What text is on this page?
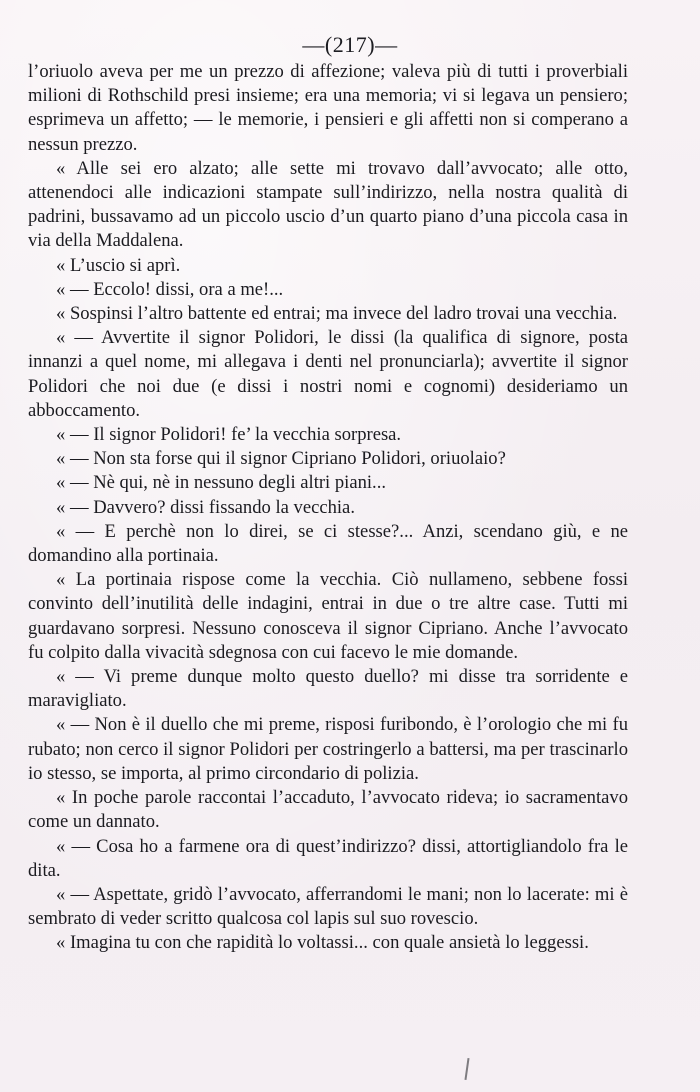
—(217)—

l’oriuolo aveva per me un prezzo di affezione; valeva più di tutti i proverbiali milioni di Rothschild presi insieme; era una memoria; vi si legava un pensiero; esprimeva un affetto; — le memorie, i pensieri e gli affetti non si comperano a nessun prezzo.

« Alle sei ero alzato; alle sette mi trovavo dall’avvocato; alle otto, attenendoci alle indicazioni stampate sull’indirizzo, nella nostra qualità di padrini, bussavamo ad un piccolo uscio d’un quarto piano d’una piccola casa in via della Maddalena.

« L’uscio si aprì.

« — Eccolo! dissi, ora a me!...

« Sospinsi l’altro battente ed entrai; ma invece del ladro trovai una vecchia.

« — Avvertite il signor Polidori, le dissi (la qualifica di signore, posta innanzi a quel nome, mi allegava i denti nel pronunciarla); avvertite il signor Polidori che noi due (e dissi i nostri nomi e cognomi) desideriamo un abboccamento.

« — Il signor Polidori! fe’ la vecchia sorpresa.

« — Non sta forse qui il signor Cipriano Polidori, oriuolaio?

« — Nè qui, nè in nessuno degli altri piani...

« — Davvero? dissi fissando la vecchia.

« — E perchè non lo direi, se ci stesse?... Anzi, scendano giù, e ne domandino alla portinaia.

« La portinaia rispose come la vecchia. Ciò nullameno, sebbene fossi convinto dell’inutilità delle indagini, entrai in due o tre altre case. Tutti mi guardavano sorpresi. Nessuno conosceva il signor Cipriano. Anche l’avvocato fu colpito dalla vivacità sdegnosa con cui facevo le mie domande.

« — Vi preme dunque molto questo duello? mi disse tra sorridente e maravigliato.

« — Non è il duello che mi preme, risposi furibondo, è l’orologio che mi fu rubato; non cerco il signor Polidori per costringerlo a battersi, ma per trascinarlo io stesso, se importa, al primo circondario di polizia.

« In poche parole raccontai l’accaduto, l’avvocato rideva; io sacramentavo come un dannato.

« — Cosa ho a farmene ora di quest’indirizzo? dissi, attortigliandolo fra le dita.

« — Aspettate, gridò l’avvocato, afferrandomi le mani; non lo lacerate: mi è sembrato di veder scritto qualcosa col lapis sul suo rovescio.

« Imagina tu con che rapidità lo voltassi... con quale ansietà lo leggessi.
